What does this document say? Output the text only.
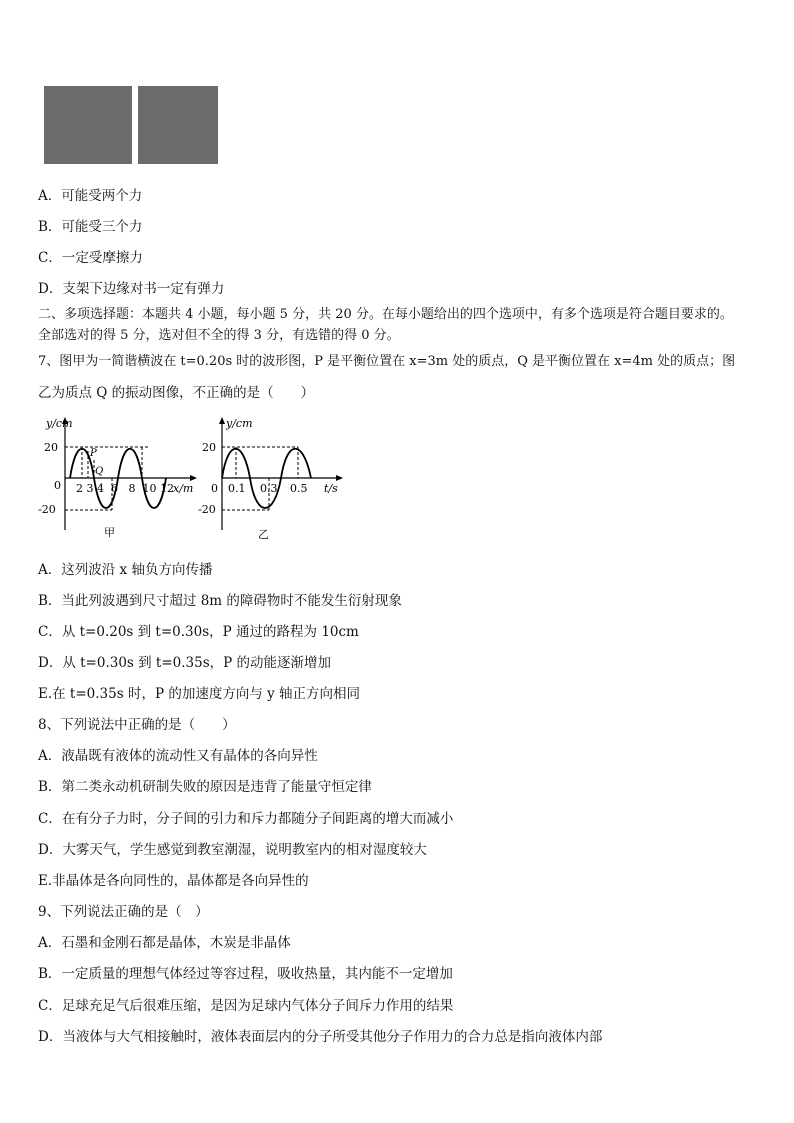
A．可能受两个力
B．可能受三个力
C．一定受摩擦力
D．支架下边缘对书一定有弹力
二、多项选择题：本题共 4 小题，每小题 5 分，共 20 分。在每小题给出的四个选项中，有多个选项是符合题目要求的。
全部选对的得 5 分，选对但不全的得 3 分，有选错的得 0 分。
7、图甲为一简谐横波在 t=0.20s 时的波形图，P 是平衡位置在 x=3m 处的质点，Q 是平衡位置在 x=4m 处的质点；图
乙为质点 Q 的振动图像，不正确的是（　　）
y/cm
20
0
-20
2 3 4  6   8  10 12 x/m
P
Q
甲
y/cm
20
0
-20
0.1 0.3 0.5 t/s
乙
A．这列波沿 x 轴负方向传播
B．当此列波遇到尺寸超过 8m 的障碍物时不能发生衍射现象
C．从 t=0.20s 到 t=0.30s，P 通过的路程为 10cm
D．从 t=0.30s 到 t=0.35s，P 的动能逐渐增加
E.在 t=0.35s 时，P 的加速度方向与 y 轴正方向相同
8、下列说法中正确的是（　　）
A．液晶既有液体的流动性又有晶体的各向异性
B．第二类永动机研制失败的原因是违背了能量守恒定律
C．在有分子力时，分子间的引力和斥力都随分子间距离的增大而减小
D．大雾天气，学生感觉到教室潮湿，说明教室内的相对湿度较大
E.非晶体是各向同性的，晶体都是各向异性的
9、下列说法正确的是（　）
A．石墨和金刚石都是晶体，木炭是非晶体
B．一定质量的理想气体经过等容过程，吸收热量，其内能不一定增加
C．足球充足气后很难压缩，是因为足球内气体分子间斥力作用的结果
D．当液体与大气相接触时，液体表面层内的分子所受其他分子作用力的合力总是指向液体内部
